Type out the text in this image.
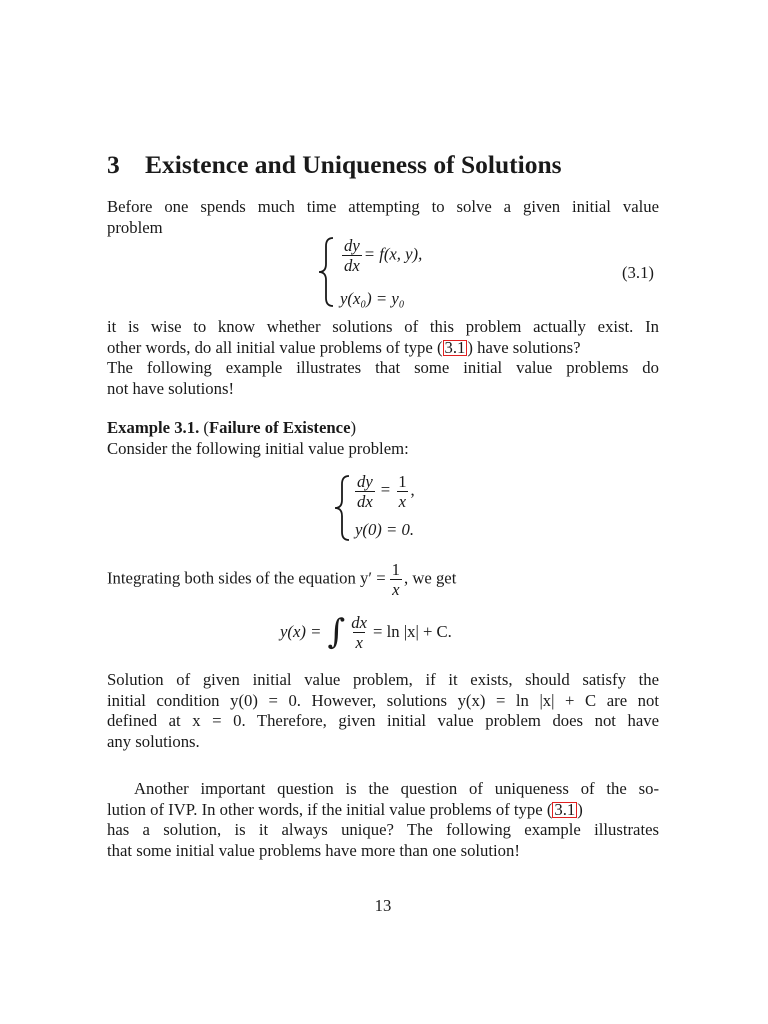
3 Existence and Uniqueness of Solutions
Before one spends much time attempting to solve a given initial value
problem
$\frac{dy}{dx} = f(x$, y),
y(x₀) = y₀
(3.1)
it is wise to know whether solutions of this problem actually exist. In
other words, do all initial value problems of type ( 3.1 ) have solutions?
The following example illustrates that some initial value problems do
not have solutions!
Example 3.1. (Failure of Existence)
Consider the following initial value problem:
$\frac{dy}{dx} = \frac{1}{x}$ ,
y(0) = 0.
Integrating both sides of the equation $y' = \frac{1}{x}$ , we get
y(x) = ∫ $\frac{dx}{x} = \ln |x| + C$.
Solution of given initial value problem, if it exists, should satisfy the
initial condition y(0) = 0. However, solutions y(x) = ln |x| + C are not
defined at x = 0. Therefore, given initial value problem does not have
any solutions.
Another important question is the question of uniqueness of the so-
lution of IVP. In other words, if the initial value problems of type ( 3.1 )
has a solution, is it always unique? The following example illustrates
that some initial value problems have more than one solution!
13
